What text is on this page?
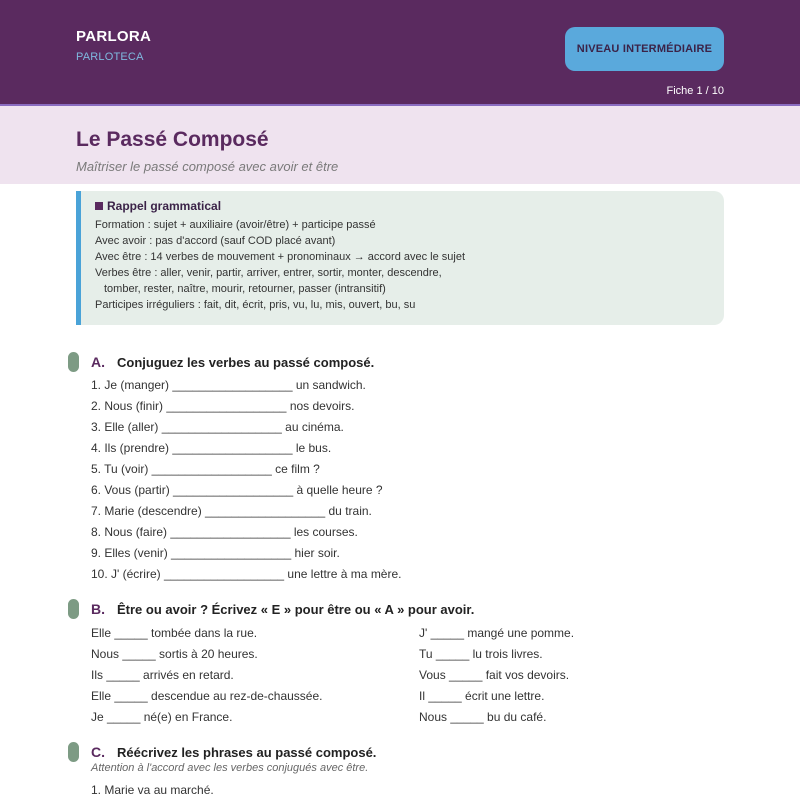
PARLORA
PARLOTECA
NIVEAU INTERMÉDIAIRE
Fiche 1 / 10
Le Passé Composé
Maîtriser le passé composé avec avoir et être
Rappel grammatical
Formation : sujet + auxiliaire (avoir/être) + participe passé
Avec avoir : pas d'accord (sauf COD placé avant)
Avec être : 14 verbes de mouvement + pronominaux → accord avec le sujet
Verbes être : aller, venir, partir, arriver, entrer, sortir, monter, descendre,
tomber, rester, naître, mourir, retourner, passer (intransitif)
Participes irréguliers : fait, dit, écrit, pris, vu, lu, mis, ouvert, bu, su
A. Conjuguez les verbes au passé composé.
1. Je (manger) __________________ un sandwich.
2. Nous (finir) __________________ nos devoirs.
3. Elle (aller) __________________ au cinéma.
4. Ils (prendre) __________________ le bus.
5. Tu (voir) __________________ ce film ?
6. Vous (partir) __________________ à quelle heure ?
7. Marie (descendre) __________________ du train.
8. Nous (faire) __________________ les courses.
9. Elles (venir) __________________ hier soir.
10. J' (écrire) __________________ une lettre à ma mère.
B. Être ou avoir ? Écrivez « E » pour être ou « A » pour avoir.
Elle _____ tombée dans la rue.
Nous _____ sortis à 20 heures.
Ils _____ arrivés en retard.
Elle _____ descendue au rez-de-chaussée.
Je _____ né(e) en France.
J' _____ mangé une pomme.
Tu _____ lu trois livres.
Vous _____ fait vos devoirs.
Il _____ écrit une lettre.
Nous _____ bu du café.
C. Réécrivez les phrases au passé composé.
Attention à l'accord avec les verbes conjugués avec être.
1. Marie va au marché.
